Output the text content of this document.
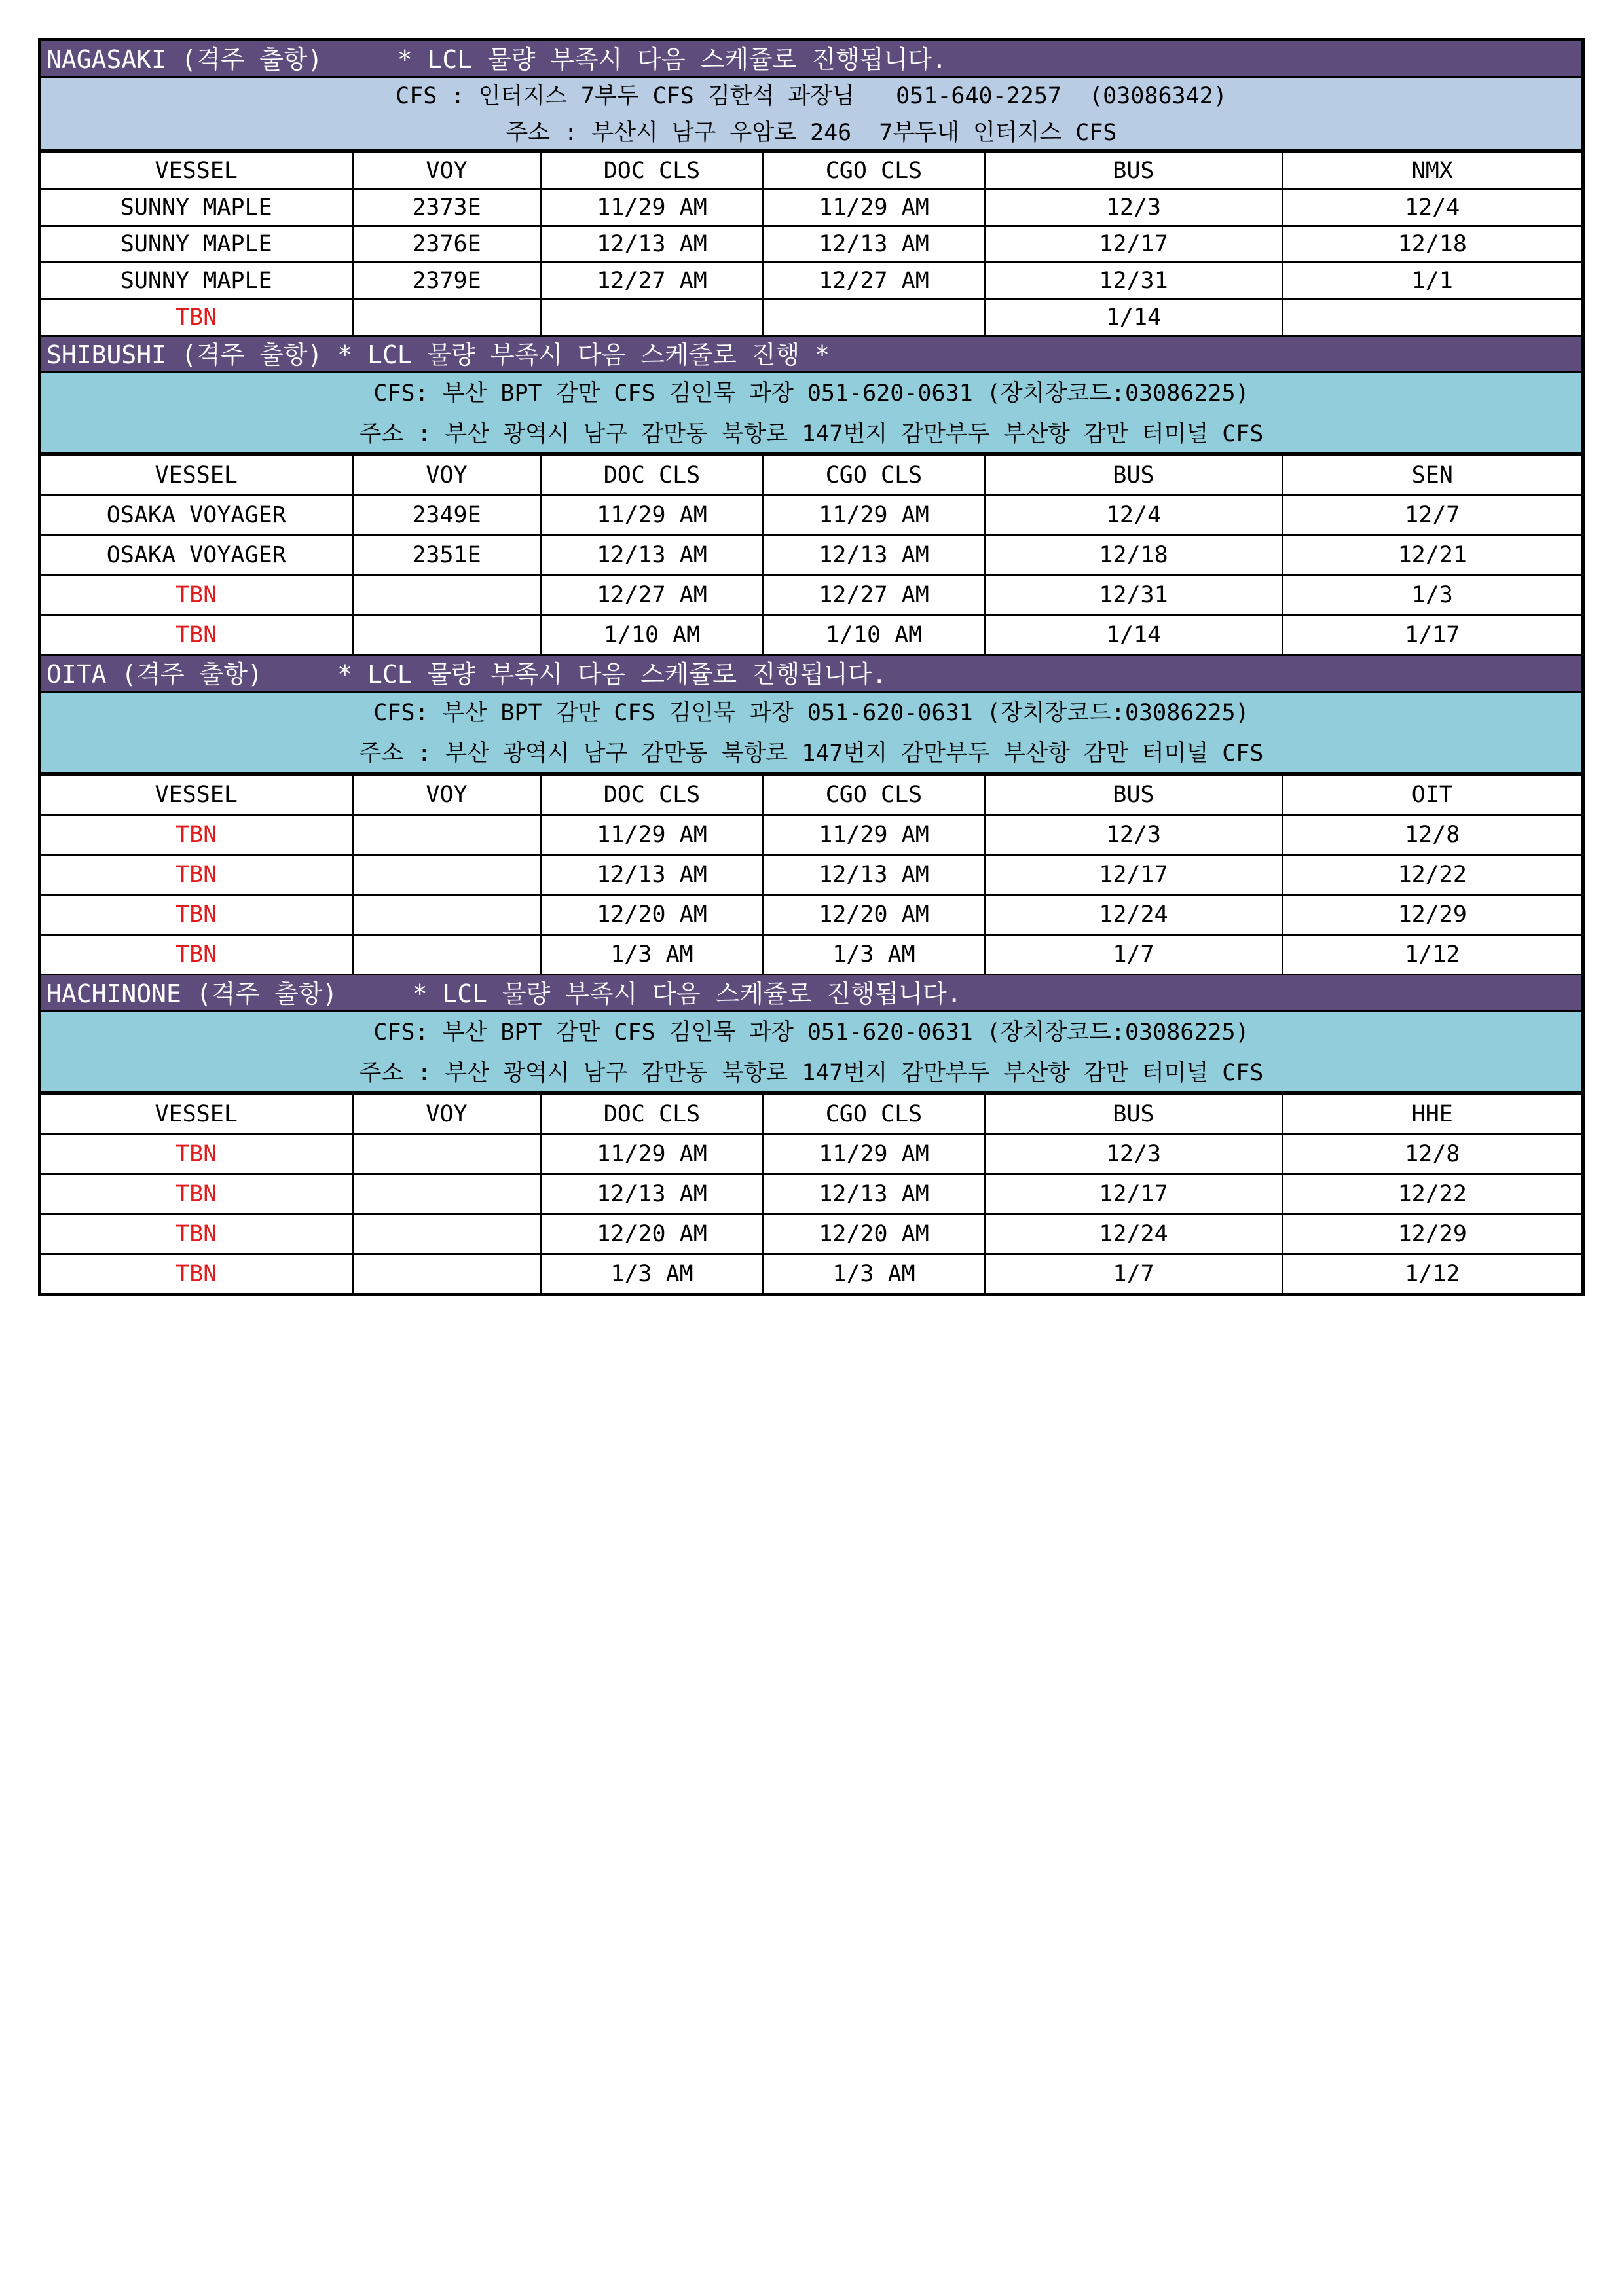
NAGASAKI (격주 출항)     * LCL 물량 부족시 다음 스케쥴로 진행됩니다.
CFS : 인터지스 7부두 CFS 김한석 과장님   051-640-2257  (03086342)
주소 : 부산시 남구 우암로 246  7부두내 인터지스 CFS
VESSEL	VOY	DOC CLS	CGO CLS	BUS	NMX
SUNNY MAPLE	2373E	11/29 AM	11/29 AM	12/3	12/4
SUNNY MAPLE	2376E	12/13 AM	12/13 AM	12/17	12/18
SUNNY MAPLE	2379E	12/27 AM	12/27 AM	12/31	1/1
TBN				1/14	
SHIBUSHI (격주 출항) * LCL 물량 부족시 다음 스케줄로 진행 *
CFS: 부산 BPT 감만 CFS 김인묵 과장 051-620-0631 (장치장코드:03086225)
주소 : 부산 광역시 남구 감만동 북항로 147번지 감만부두 부산항 감만 터미널 CFS
VESSEL	VOY	DOC CLS	CGO CLS	BUS	SEN
OSAKA VOYAGER	2349E	11/29 AM	11/29 AM	12/4	12/7
OSAKA VOYAGER	2351E	12/13 AM	12/13 AM	12/18	12/21
TBN		12/27 AM	12/27 AM	12/31	1/3
TBN		1/10 AM	1/10 AM	1/14	1/17
OITA (격주 출항)     * LCL 물량 부족시 다음 스케쥴로 진행됩니다.
CFS: 부산 BPT 감만 CFS 김인묵 과장 051-620-0631 (장치장코드:03086225)
주소 : 부산 광역시 남구 감만동 북항로 147번지 감만부두 부산항 감만 터미널 CFS
VESSEL	VOY	DOC CLS	CGO CLS	BUS	OIT
TBN		11/29 AM	11/29 AM	12/3	12/8
TBN		12/13 AM	12/13 AM	12/17	12/22
TBN		12/20 AM	12/20 AM	12/24	12/29
TBN		1/3 AM	1/3 AM	1/7	1/12
HACHINONE (격주 출항)     * LCL 물량 부족시 다음 스케쥴로 진행됩니다.
CFS: 부산 BPT 감만 CFS 김인묵 과장 051-620-0631 (장치장코드:03086225)
주소 : 부산 광역시 남구 감만동 북항로 147번지 감만부두 부산항 감만 터미널 CFS
VESSEL	VOY	DOC CLS	CGO CLS	BUS	HHE
TBN		11/29 AM	11/29 AM	12/3	12/8
TBN		12/13 AM	12/13 AM	12/17	12/22
TBN		12/20 AM	12/20 AM	12/24	12/29
TBN		1/3 AM	1/3 AM	1/7	1/12
